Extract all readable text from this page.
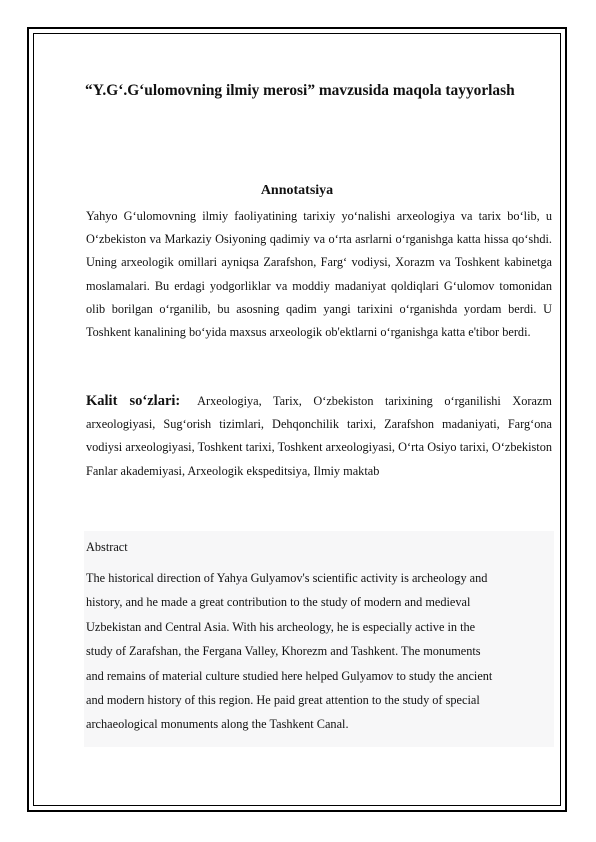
“Y.G‘.G‘ulomovning ilmiy merosi” mavzusida maqola tayyorlash
Annotatsiya
Yahyo G‘ulomovning ilmiy faoliyatining tarixiy yo‘nalishi arxeologiya va tarix bo‘lib, u O‘zbekiston va Markaziy Osiyoning qadimiy va o‘rta asrlarni o‘rganishga katta hissa qo‘shdi. Uning arxeologik omillari ayniqsa Zarafshon, Farg‘ vodiysi, Xorazm va Toshkent kabinetga moslamalari. Bu erdagi yodgorliklar va moddiy madaniyat qoldiqlari G‘ulomov tomonidan olib borilgan o‘rganilib, bu asosning qadim yangi tarixini o‘rganishda yordam berdi. U Toshkent kanalining bo‘yida maxsus arxeologik ob'ektlarni o‘rganishga katta e'tibor berdi.
Kalit so‘zlari: Arxeologiya, Tarix, O‘zbekiston tarixining o‘rganilishi Xorazm arxeologiyasi, Sug‘orish tizimlari, Dehqonchilik tarixi, Zarafshon madaniyati, Farg‘ona vodiysi arxeologiyasi, Toshkent tarixi, Toshkent arxeologiyasi, O‘rta Osiyo tarixi, O‘zbekiston Fanlar akademiyasi, Arxeologik ekspeditsiya, Ilmiy maktab
Abstract
The historical direction of Yahya Gulyamov's scientific activity is archeology and
history, and he made a great contribution to the study of modern and medieval
Uzbekistan and Central Asia. With his archeology, he is especially active in the
study of Zarafshan, the Fergana Valley, Khorezm and Tashkent. The monuments
and remains of material culture studied here helped Gulyamov to study the ancient
and modern history of this region. He paid great attention to the study of special
archaeological monuments along the Tashkent Canal.
